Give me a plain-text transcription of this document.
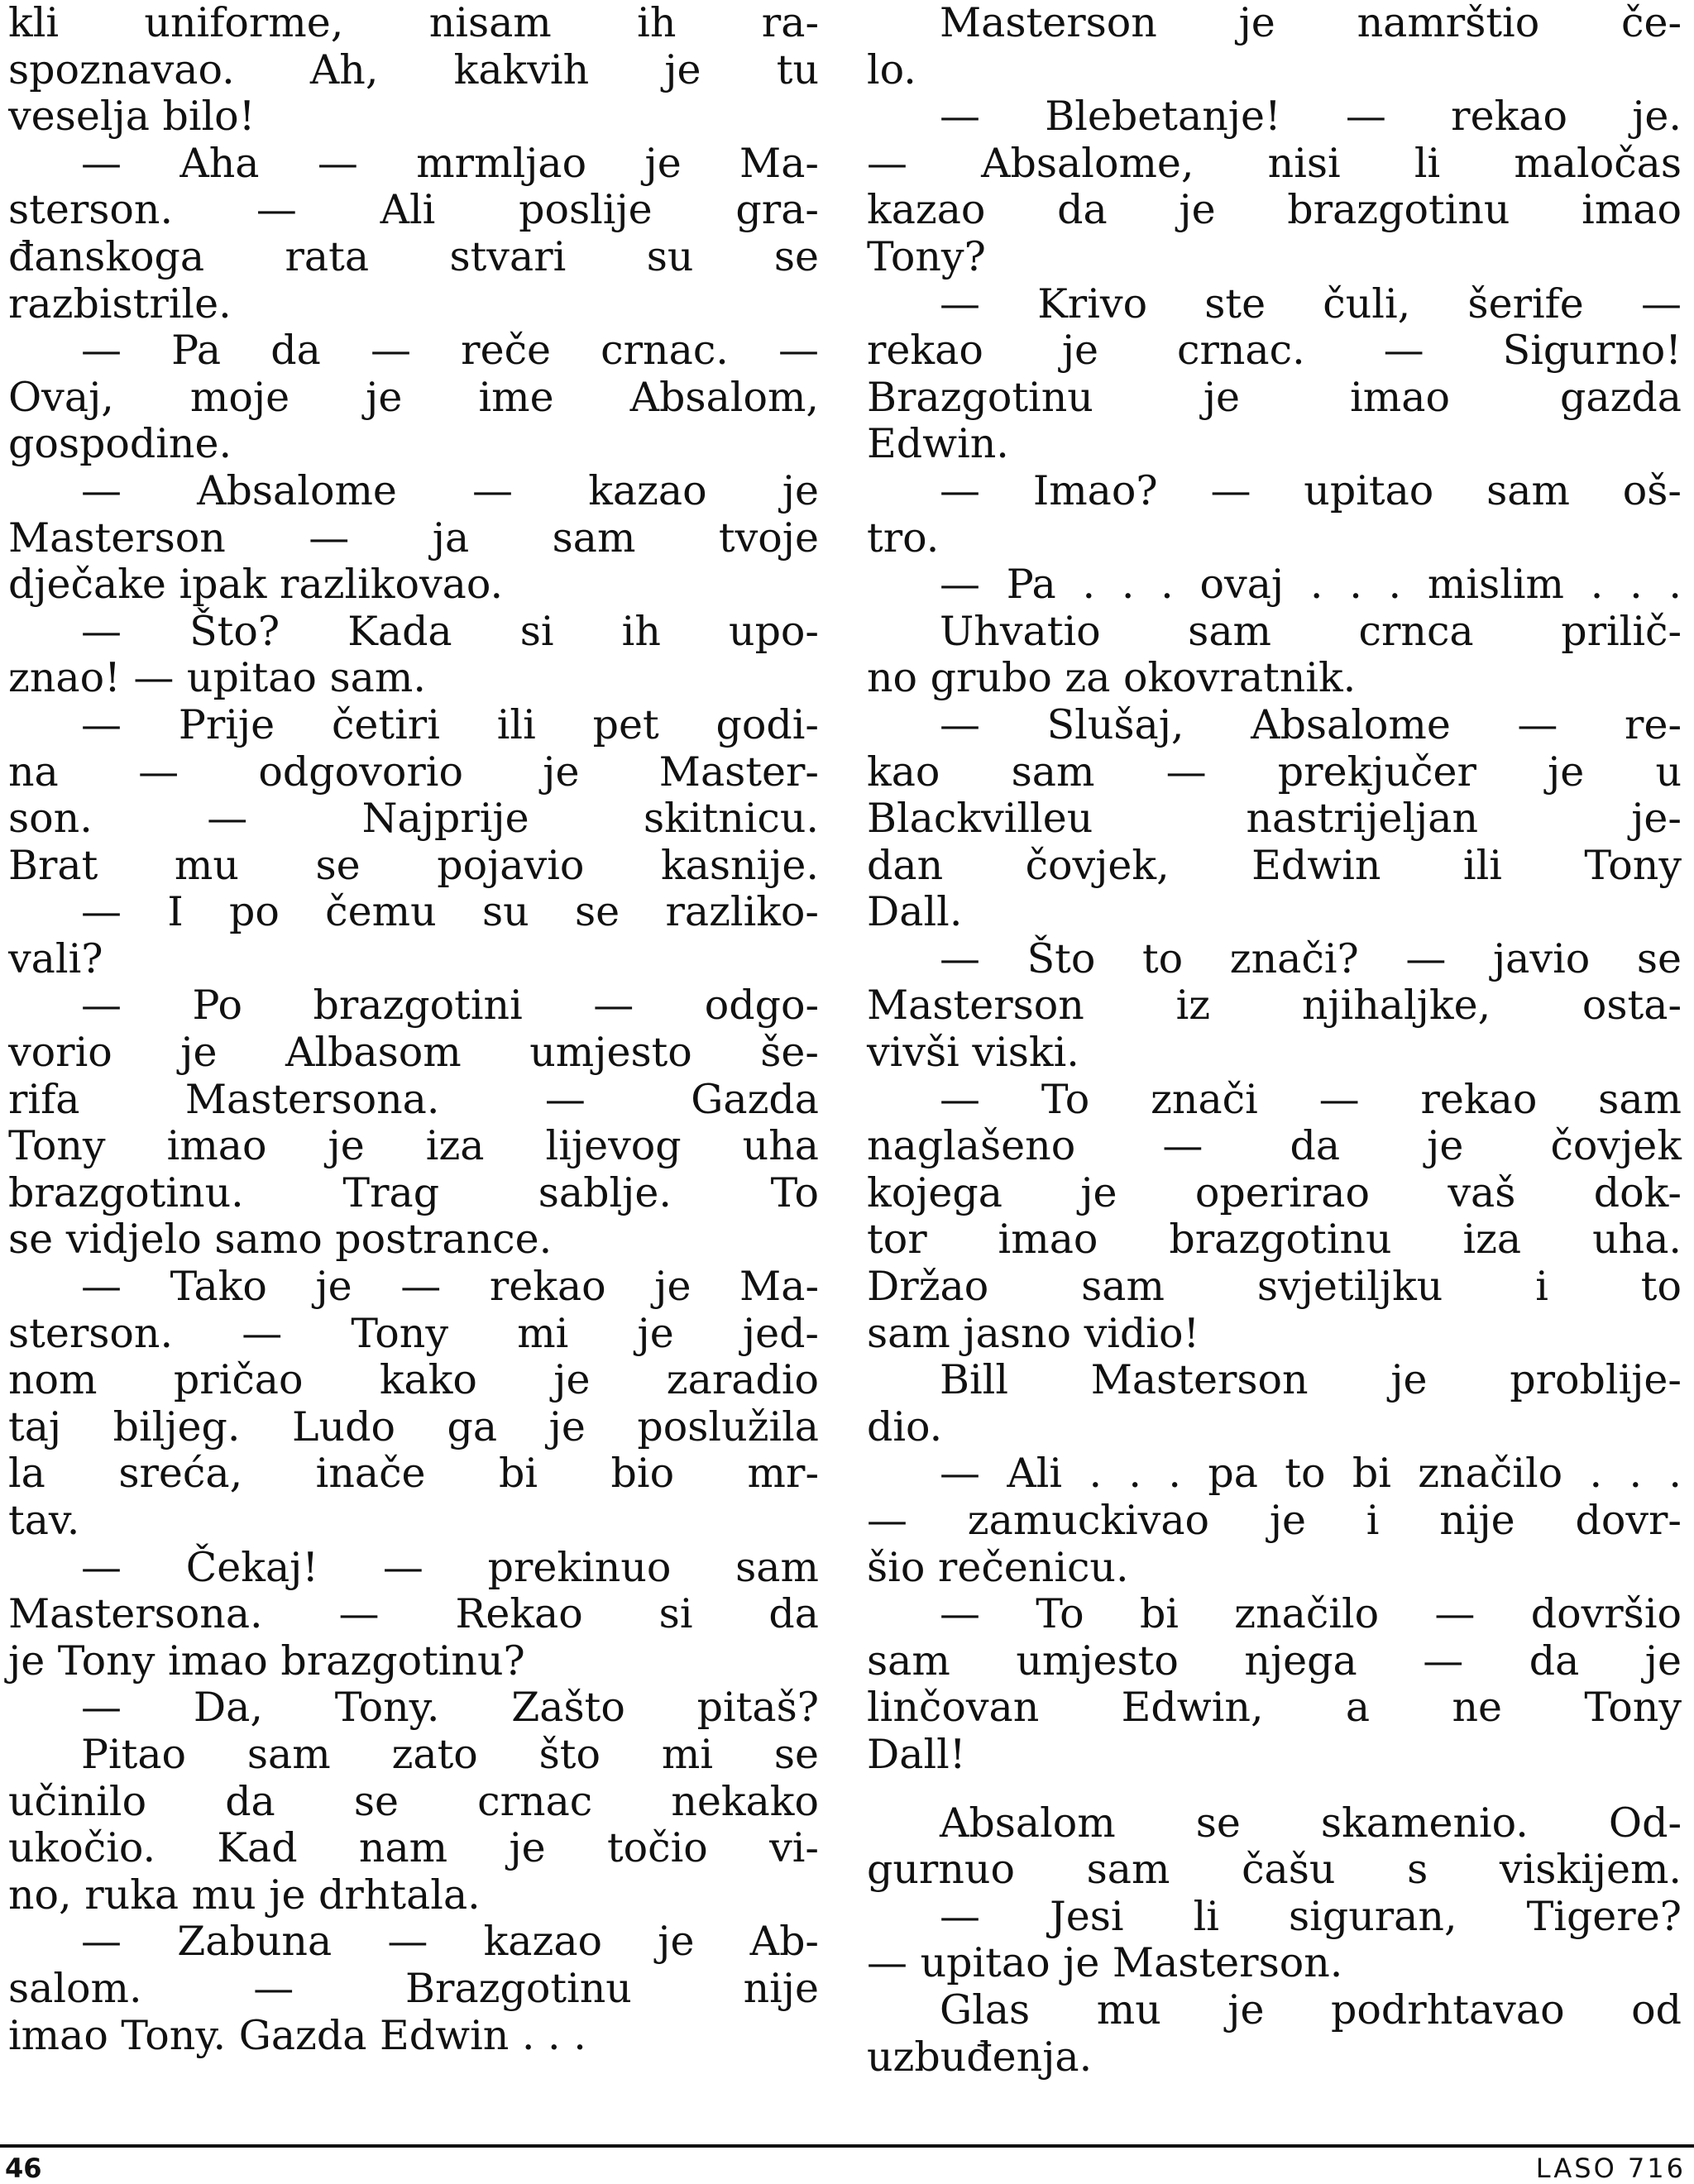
kli uniforme, nisam ih ra-
spoznavao. Ah, kakvih je tu
veselja bilo!
— Aha — mrmljao je Ma-
sterson. — Ali poslije gra-
đanskoga rata stvari su se
razbistrile.
— Pa da — reče crnac. —
Ovaj, moje je ime Absalom,
gospodine.
— Absalome — kazao je
Masterson — ja sam tvoje
dječake ipak razlikovao.
— Što? Kada si ih upo-
znao! — upitao sam.
— Prije četiri ili pet godi-
na — odgovorio je Master-
son. — Najprije skitnicu.
Brat mu se pojavio kasnije.
— I po čemu su se razliko-
vali?
— Po brazgotini — odgo-
vorio je Albasom umjesto še-
rifa Mastersona. — Gazda
Tony imao je iza lijevog uha
brazgotinu. Trag sablje. To
se vidjelo samo postrance.
— Tako je — rekao je Ma-
sterson. — Tony mi je jed-
nom pričao kako je zaradio
taj biljeg. Ludo ga je poslužila
la sreća, inače bi bio mr-
tav.
— Čekaj! — prekinuo sam
Mastersona. — Rekao si da
je Tony imao brazgotinu?
— Da, Tony. Zašto pitaš?
Pitao sam zato što mi se
učinilo da se crnac nekako
ukočio. Kad nam je točio vi-
no, ruka mu je drhtala.
— Zabuna — kazao je Ab-
salom. — Brazgotinu nije
imao Tony. Gazda Edwin . . .
Masterson je namrštio če-
lo.
— Blebetanje! — rekao je.
— Absalome, nisi li maločas
kazao da je brazgotinu imao
Tony?
— Krivo ste čuli, šerife —
rekao je crnac. — Sigurno!
Brazgotinu je imao gazda
Edwin.
— Imao? — upitao sam oš-
tro.
— Pa . . . ovaj . . . mislim . . .
Uhvatio sam crnca prilič-
no grubo za okovratnik.
— Slušaj, Absalome — re-
kao sam — prekjučer je u
Blackvilleu nastrijeljan je-
dan čovjek, Edwin ili Tony
Dall.
— Što to znači? — javio se
Masterson iz njihaljke, osta-
vivši viski.
— To znači — rekao sam
naglašeno — da je čovjek
kojega je operirao vaš dok-
tor imao brazgotinu iza uha.
Držao sam svjetiljku i to
sam jasno vidio!
Bill Masterson je problije-
dio.
— Ali . . . pa to bi značilo . . .
— zamuckivao je i nije dovr-
šio rečenicu.
— To bi značilo — dovršio
sam umjesto njega — da je
linčovan Edwin, a ne Tony
Dall!
Absalom se skamenio. Od-
gurnuo sam čašu s viskijem.
— Jesi li siguran, Tigere?
— upitao je Masterson.
Glas mu je podrhtavao od
uzbuđenja.
46	LASO 716
